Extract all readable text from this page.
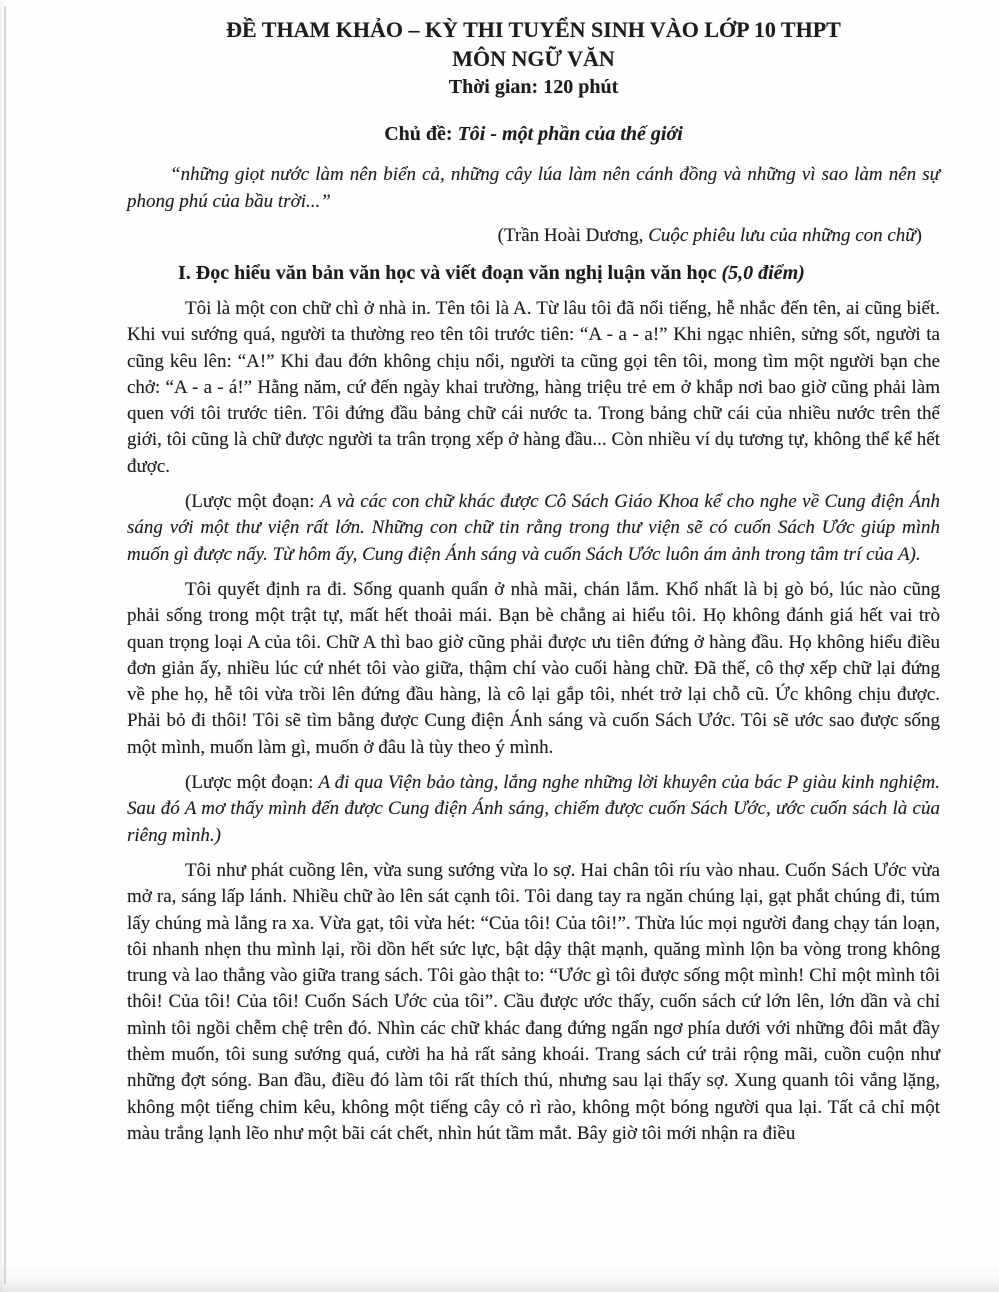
ĐỀ THAM KHẢO – KỲ THI TUYỂN SINH VÀO LỚP 10 THPT
MÔN NGỮ VĂN
Thời gian: 120 phút
Chủ đề: Tôi - một phần của thế giới

“những giọt nước làm nên biển cả, những cây lúa làm nên cánh đồng và những vì sao làm nên sự phong phú của bầu trời...”

(Trần Hoài Dương, Cuộc phiêu lưu của những con chữ)

I. Đọc hiểu văn bản văn học và viết đoạn văn nghị luận văn học (5,0 điểm)

Tôi là một con chữ chì ở nhà in. Tên tôi là A. Từ lâu tôi đã nổi tiếng, hễ nhắc đến tên, ai cũng biết. Khi vui sướng quá, người ta thường reo tên tôi trước tiên: “A - a - a!” Khi ngạc nhiên, sửng sốt, người ta cũng kêu lên: “A!” Khi đau đớn không chịu nổi, người ta cũng gọi tên tôi, mong tìm một người bạn che chở: “A - a - á!” Hằng năm, cứ đến ngày khai trường, hàng triệu trẻ em ở khắp nơi bao giờ cũng phải làm quen với tôi trước tiên. Tôi đứng đầu bảng chữ cái nước ta. Trong bảng chữ cái của nhiều nước trên thế giới, tôi cũng là chữ được người ta trân trọng xếp ở hàng đầu... Còn nhiều ví dụ tương tự, không thể kể hết được.

(Lược một đoạn: A và các con chữ khác được Cô Sách Giáo Khoa kể cho nghe về Cung điện Ánh sáng với một thư viện rất lớn. Những con chữ tin rằng trong thư viện sẽ có cuốn Sách Ước giúp mình muốn gì được nấy. Từ hôm ấy, Cung điện Ánh sáng và cuốn Sách Ước luôn ám ảnh trong tâm trí của A).

Tôi quyết định ra đi. Sống quanh quẩn ở nhà mãi, chán lắm. Khổ nhất là bị gò bó, lúc nào cũng phải sống trong một trật tự, mất hết thoải mái. Bạn bè chẳng ai hiểu tôi. Họ không đánh giá hết vai trò quan trọng loại A của tôi. Chữ A thì bao giờ cũng phải được ưu tiên đứng ở hàng đầu. Họ không hiểu điều đơn giản ấy, nhiều lúc cứ nhét tôi vào giữa, thậm chí vào cuối hàng chữ. Đã thế, cô thợ xếp chữ lại đứng về phe họ, hễ tôi vừa trồi lên đứng đầu hàng, là cô lại gắp tôi, nhét trở lại chỗ cũ. Ức không chịu được. Phải bỏ đi thôi! Tôi sẽ tìm bằng được Cung điện Ánh sáng và cuốn Sách Ước. Tôi sẽ ước sao được sống một mình, muốn làm gì, muốn ở đâu là tùy theo ý mình.

(Lược một đoạn: A đi qua Viện bảo tàng, lắng nghe những lời khuyên của bác P giàu kinh nghiệm. Sau đó A mơ thấy mình đến được Cung điện Ánh sáng, chiếm được cuốn Sách Ước, ước cuốn sách là của riêng mình.)

Tôi như phát cuồng lên, vừa sung sướng vừa lo sợ. Hai chân tôi ríu vào nhau. Cuốn Sách Ước vừa mở ra, sáng lấp lánh. Nhiều chữ ào lên sát cạnh tôi. Tôi dang tay ra ngăn chúng lại, gạt phắt chúng đi, túm lấy chúng mà lẳng ra xa. Vừa gạt, tôi vừa hét: “Của tôi! Của tôi!”. Thừa lúc mọi người đang chạy tán loạn, tôi nhanh nhẹn thu mình lại, rồi dồn hết sức lực, bật dậy thật mạnh, quăng mình lộn ba vòng trong không trung và lao thẳng vào giữa trang sách. Tôi gào thật to: “Ước gì tôi được sống một mình! Chỉ một mình tôi thôi! Của tôi! Của tôi! Cuốn Sách Ước của tôi”. Cầu được ước thấy, cuốn sách cứ lớn lên, lớn dần và chỉ mình tôi ngồi chễm chệ trên đó. Nhìn các chữ khác đang đứng ngẩn ngơ phía dưới với những đôi mắt đầy thèm muốn, tôi sung sướng quá, cười ha hả rất sảng khoái. Trang sách cứ trải rộng mãi, cuồn cuộn như những đợt sóng. Ban đầu, điều đó làm tôi rất thích thú, nhưng sau lại thấy sợ. Xung quanh tôi vắng lặng, không một tiếng chim kêu, không một tiếng cây cỏ rì rào, không một bóng người qua lại. Tất cả chỉ một màu trắng lạnh lẽo như một bãi cát chết, nhìn hút tầm mắt. Bây giờ tôi mới nhận ra điều
